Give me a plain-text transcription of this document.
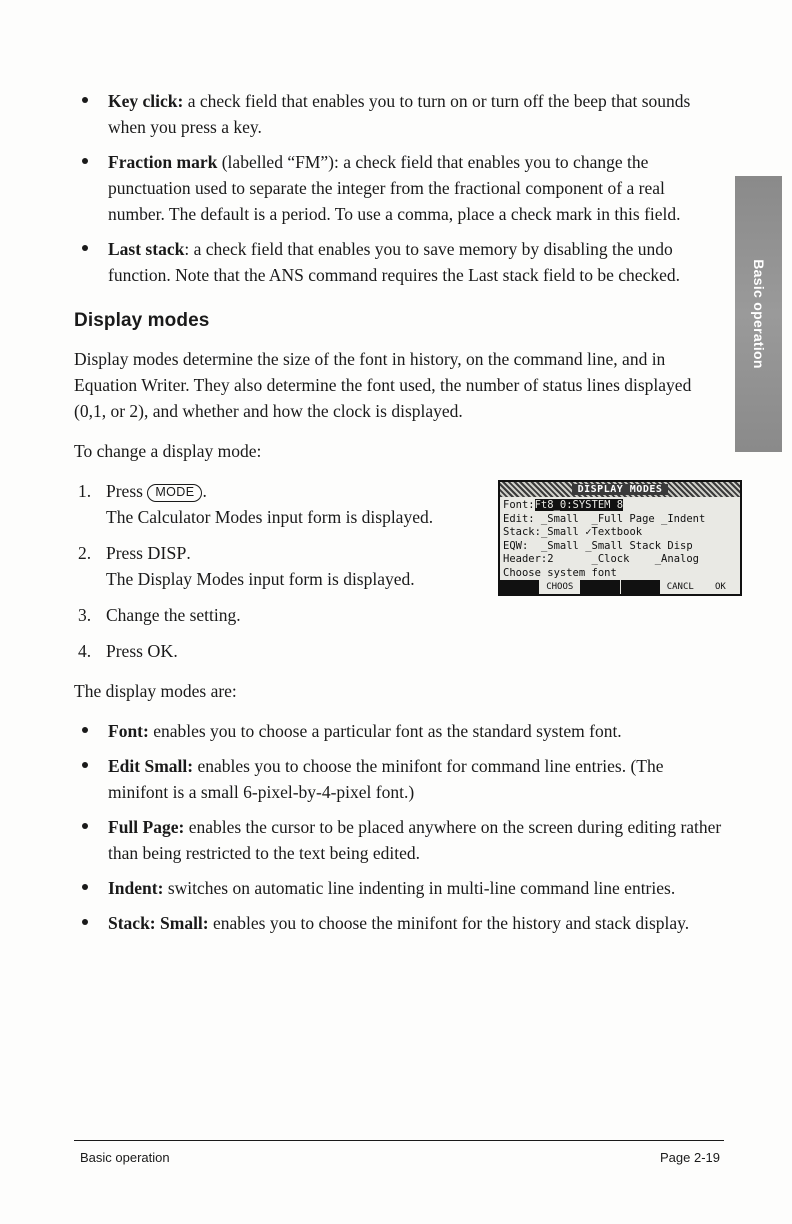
Basic operation
Key click: a check field that enables you to turn on or turn off the beep that sounds when you press a key.
Fraction mark (labelled “FM”): a check field that enables you to change the punctuation used to separate the integer from the fractional component of a real number. The default is a period. To use a comma, place a check mark in this field.
Last stack: a check field that enables you to save memory by disabling the undo function. Note that the ANS command requires the Last stack field to be checked.
Display modes

Display modes determine the size of the font in history, on the command line, and in Equation Writer. They also determine the font used, the number of status lines displayed (0,1, or 2), and whether and how the clock is displayed.

To change a display mode:

DISPLAY MODES
Font:Ft8_0:SYSTEM 8
Edit: _Small  _Full Page _Indent
Stack:_Small ✓Textbook
EQW:  _Small _Small Stack Disp
Header:2      _Clock    _Analog
Choose system font
CHOOS	CANCL	OK
1. Press MODE .
The Calculator Modes input form is displayed.
2. Press DISP.
The Display Modes input form is displayed.
3. Change the setting.
4. Press OK.

The display modes are:

Font: enables you to choose a particular font as the standard system font.
Edit Small: enables you to choose the minifont for command line entries. (The minifont is a small 6-pixel-by-4-pixel font.)
Full Page: enables the cursor to be placed anywhere on the screen during editing rather than being restricted to the text being edited.
Indent: switches on automatic line indenting in multi-line command line entries.
Stack: Small: enables you to choose the minifont for the history and stack display.
Basic operation	Page 2-19
